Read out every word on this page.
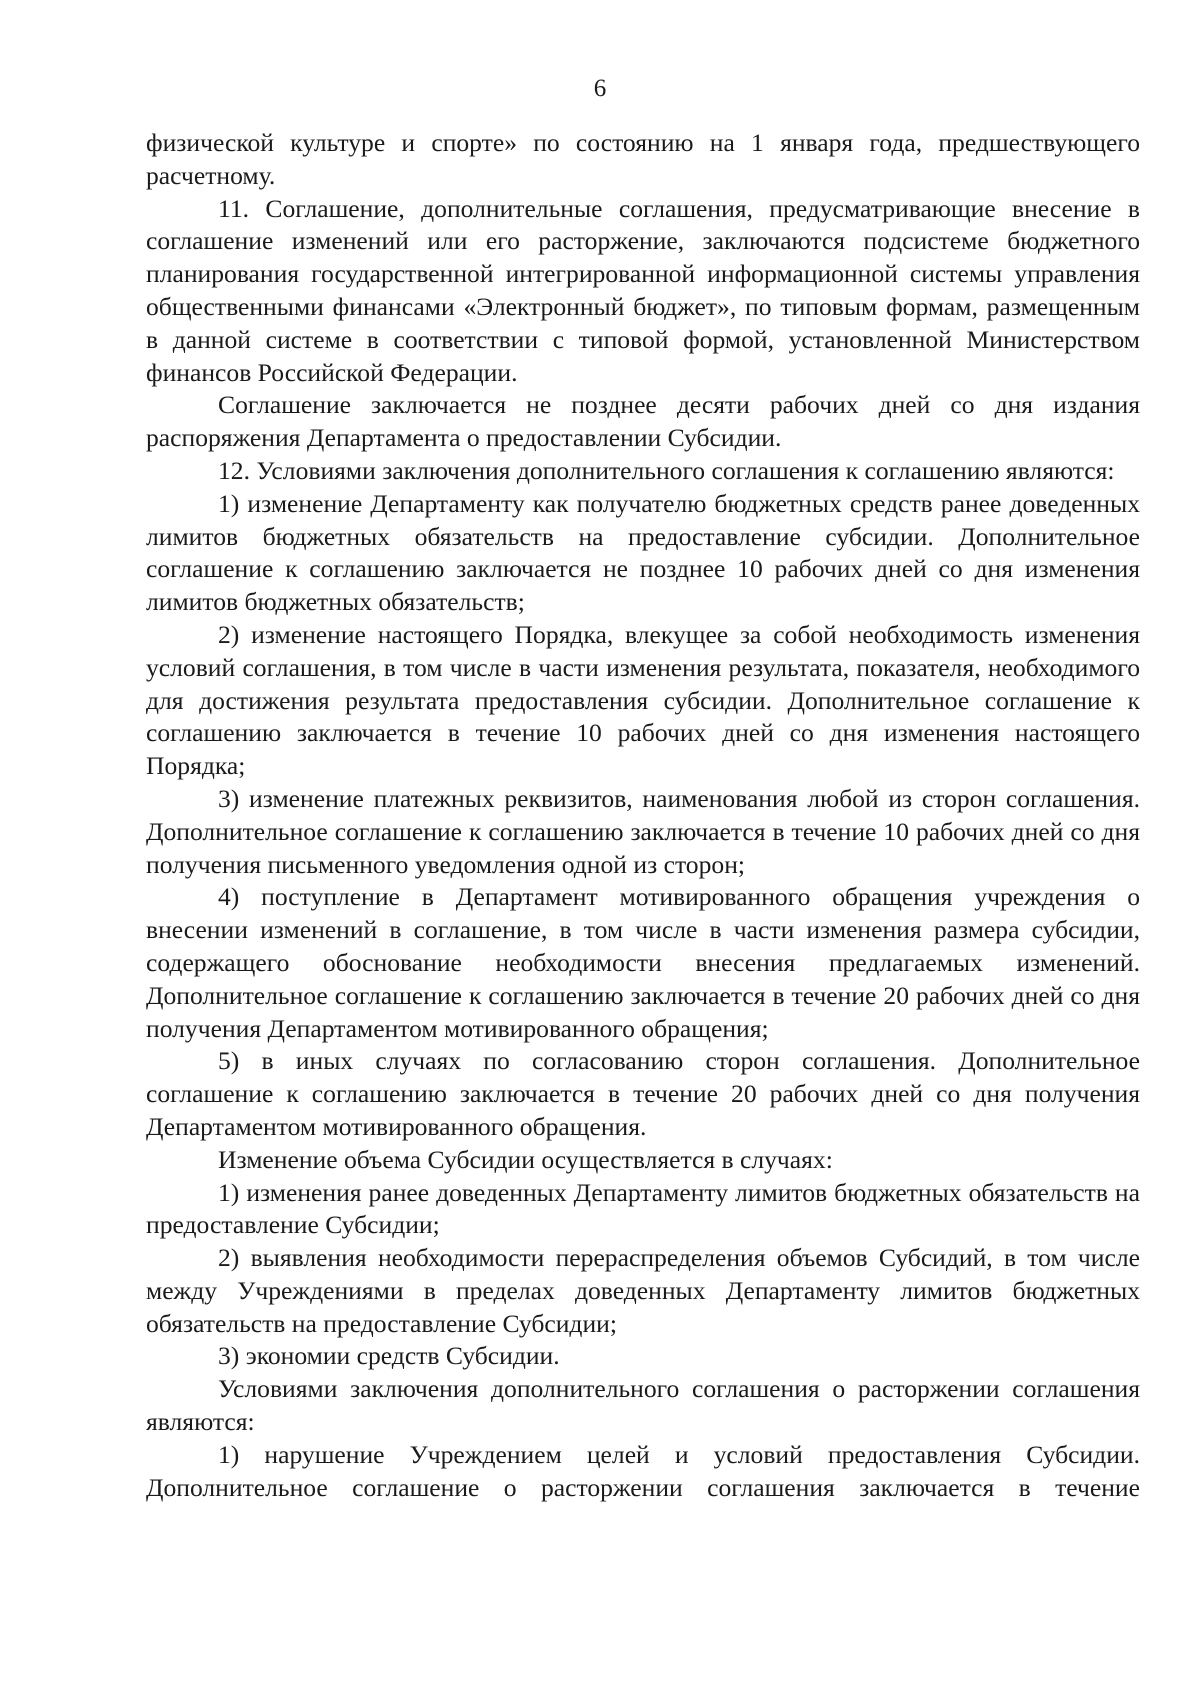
6

физической культуре и спорте» по состоянию на 1 января года, предшествующего расчетному.

11. Соглашение, дополнительные соглашения, предусматривающие внесение в соглашение изменений или его расторжение, заключаются подсистеме бюджетного планирования государственной интегрированной информационной системы управления общественными финансами «Электронный бюджет», по типовым формам, размещенным в данной системе в соответствии с типовой формой, установленной Министерством финансов Российской Федерации.

Соглашение заключается не позднее десяти рабочих дней со дня издания распоряжения Департамента о предоставлении Субсидии.

12. Условиями заключения дополнительного соглашения к соглашению являются:

1) изменение Департаменту как получателю бюджетных средств ранее доведенных лимитов бюджетных обязательств на предоставление субсидии. Дополнительное соглашение к соглашению заключается не позднее 10 рабочих дней со дня изменения лимитов бюджетных обязательств;

2) изменение настоящего Порядка, влекущее за собой необходимость изменения условий соглашения, в том числе в части изменения результата, показателя, необходимого для достижения результата предоставления субсидии. Дополнительное соглашение к соглашению заключается в течение 10 рабочих дней со дня изменения настоящего Порядка;

3) изменение платежных реквизитов, наименования любой из сторон соглашения. Дополнительное соглашение к соглашению заключается в течение 10 рабочих дней со дня получения письменного уведомления одной из сторон;

4) поступление в Департамент мотивированного обращения учреждения о внесении изменений в соглашение, в том числе в части изменения размера субсидии, содержащего обоснование необходимости внесения предлагаемых изменений. Дополнительное соглашение к соглашению заключается в течение 20 рабочих дней со дня получения Департаментом мотивированного обращения;

5) в иных случаях по согласованию сторон соглашения. Дополнительное соглашение к соглашению заключается в течение 20 рабочих дней со дня получения Департаментом мотивированного обращения.

Изменение объема Субсидии осуществляется в случаях:

1) изменения ранее доведенных Департаменту лимитов бюджетных обязательств на предоставление Субсидии;

2) выявления необходимости перераспределения объемов Субсидий, в том числе между Учреждениями в пределах доведенных Департаменту лимитов бюджетных обязательств на предоставление Субсидии;

3) экономии средств Субсидии.

Условиями заключения дополнительного соглашения о расторжении соглашения являются:

1) нарушение Учреждением целей и условий предоставления Субсидии. Дополнительное соглашение о расторжении соглашения заключается в течение
